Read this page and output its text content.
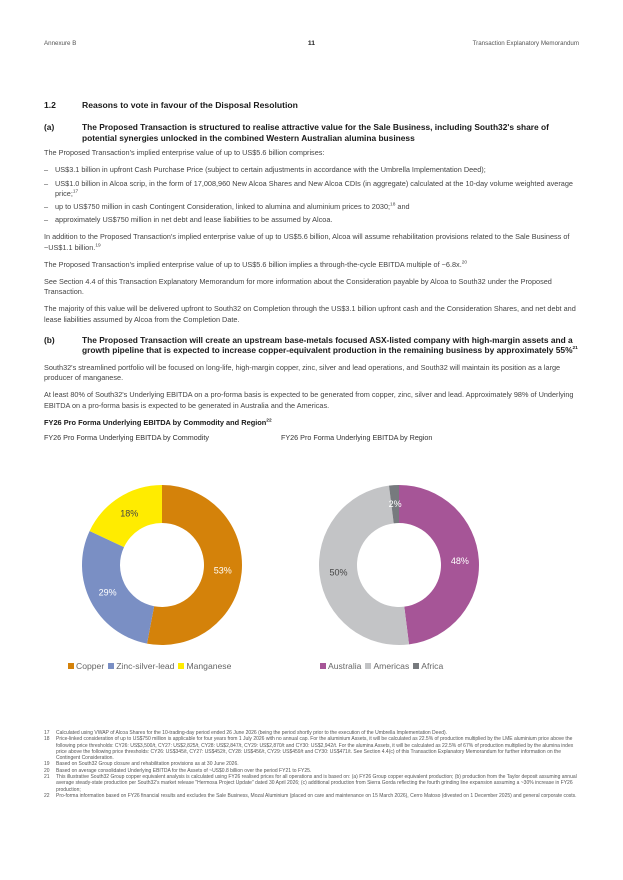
Annexure B	11	Transaction Explanatory Memorandum
1.2	Reasons to vote in favour of the Disposal Resolution
(a)	The Proposed Transaction is structured to realise attractive value for the Sale Business, including South32's share of potential synergies unlocked in the combined Western Australian alumina business

The Proposed Transaction's implied enterprise value of up to US$5.6 billion comprises:

– US$3.1 billion in upfront Cash Purchase Price (subject to certain adjustments in accordance with the Umbrella Implementation Deed);
– US$1.0 billion in Alcoa scrip, in the form of 17,008,960 New Alcoa Shares and New Alcoa CDIs (in aggregate) calculated at the 10-day volume weighted average price;$^{17}$
– up to US$750 million in cash Contingent Consideration, linked to alumina and aluminium prices to 2030;$^{18}$ and
– approximately US$750 million in net debt and lease liabilities to be assumed by Alcoa.

In addition to the Proposed Transaction's implied enterprise value of up to US$5.6 billion, Alcoa will assume rehabilitation provisions related to the Sale Business of ~US$1.1 billion.$^{19}$

The Proposed Transaction's implied enterprise value of up to US$5.6 billion implies a through-the-cycle EBITDA multiple of ~6.8x.$^{20}$

See Section 4.4 of this Transaction Explanatory Memorandum for more information about the Consideration payable by Alcoa to South32 under the Proposed Transaction.

The majority of this value will be delivered upfront to South32 on Completion through the US$3.1 billion upfront cash and the Consideration Shares, and net debt and lease liabilities assumed by Alcoa from the Completion Date.

(b)	The Proposed Transaction will create an upstream base-metals focused ASX-listed company with high-margin assets and a growth pipeline that is expected to increase copper-equivalent production in the remaining business by approximately 55%$^{21}$

South32's streamlined portfolio will be focused on long-life, high-margin copper, zinc, silver and lead operations, and South32 will maintain its position as a large producer of manganese.

At least 80% of South32's Underlying EBITDA on a pro-forma basis is expected to be generated from copper, zinc, silver and lead. Approximately 98% of Underlying EBITDA on a pro-forma basis is expected to be generated in Australia and the Americas.

FY26 Pro Forma Underlying EBITDA by Commodity and Region$^{22}$
FY26 Pro Forma Underlying EBITDA by Commodity	FY26 Pro Forma Underlying EBITDA by Region
53%
29%
18%
48%
50%
2%
Copper Zinc-silver-lead Manganese	Australia Americas Africa
17	Calculated using VWAP of Alcoa Shares for the 10-trading-day period ended 26 June 2026 (being the period shortly prior to the execution of the Umbrella Implementation Deed).
18	Price-linked consideration of up to US$750 million is applicable for four years from 1 July 2026 with no annual cap. For the aluminium Assets, it will be calculated as 22.5% of production multiplied by the LME aluminium price above the following price thresholds: CY26: US$3,500/t, CY27: US$2,825/t, CY28: US$2,847/t, CY29: US$2,870/t and CY30: US$2,942/t. For the alumina Assets, it will be calculated as 22.5% of 67% of production multiplied by the alumina index price above the following price thresholds: CY26: US$345/t, CY27: US$452/t, CY28: US$456/t, CY29: US$459/t and CY30: US$471/t. See Section 4.4(c) of this Transaction Explanatory Memorandum for further information on the Contingent Consideration.
19	Based on South32 Group closure and rehabilitation provisions as at 30 June 2026.
20	Based on average consolidated Underlying EBITDA for the Assets of ~US$0.8 billion over the period FY21 to FY25.
21	This illustrative South32 Group copper equivalent analysis is calculated using FY26 realised prices for all operations and is based on: (a) FY26 Group copper equivalent production; (b) production from the Taylor deposit assuming annual average steady-state production per South32's market release "Hermosa Project Update" dated 30 April 2026; (c) additional production from Sierra Gorda reflecting the fourth grinding line expansion assuming a ~30% increase in FY26 production;
22	Pro-forma information based on FY26 financial results and excludes the Sale Business, Mozal Aluminium (placed on care and maintenance on 15 March 2026), Cerro Matoso (divested on 1 December 2025) and general corporate costs.
